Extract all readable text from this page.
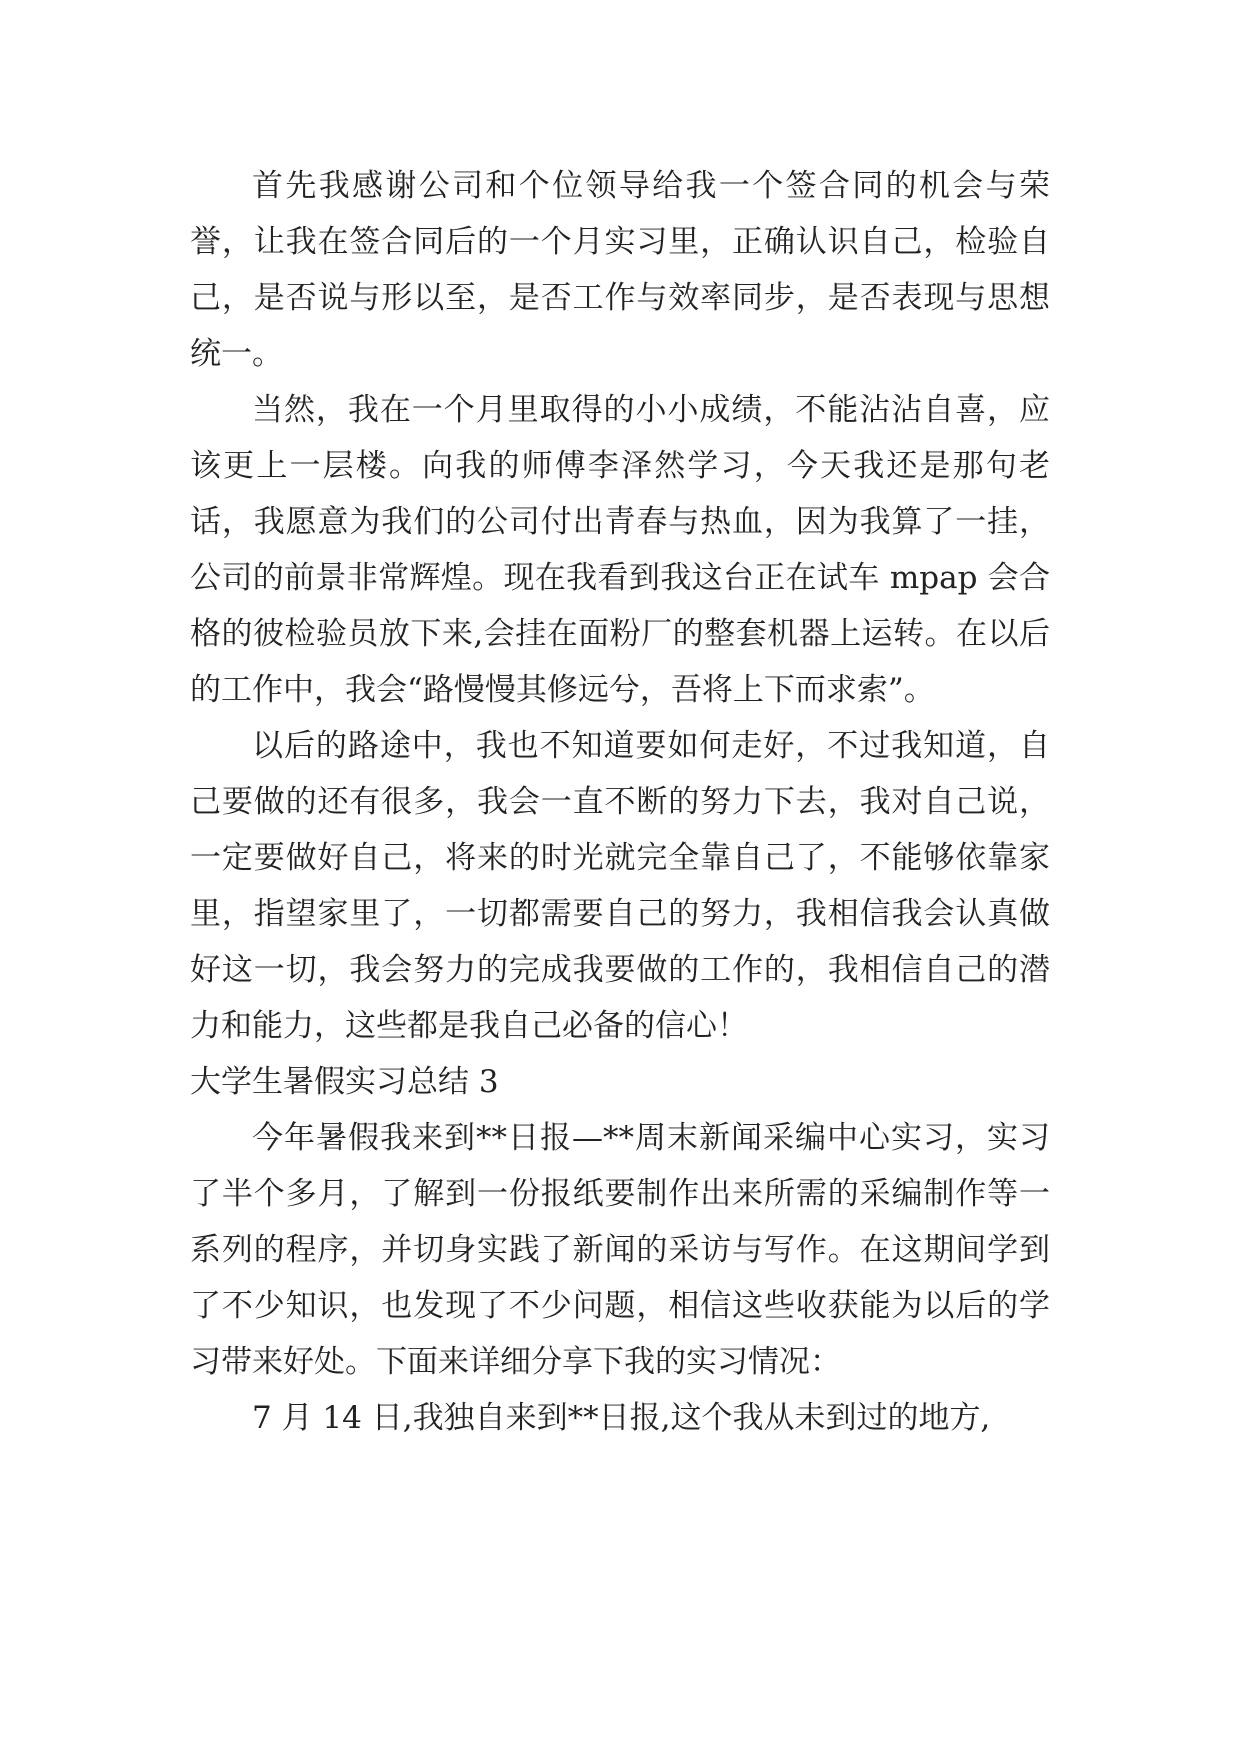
首先我感谢公司和个位领导给我一个签合同的机会与荣誉，让我在签合同后的一个月实习里，正确认识自己，检验自己，是否说与形以至，是否工作与效率同步，是否表现与思想统一。

当然，我在一个月里取得的小小成绩，不能沾沾自喜，应该更上一层楼。向我的师傅李泽然学习，今天我还是那句老话，我愿意为我们的公司付出青春与热血，因为我算了一挂，公司的前景非常辉煌。现在我看到我这台正在试车 mpap 会合格的彼检验员放下来,会挂在面粉厂的整套机器上运转。在以后的工作中，我会“路慢慢其修远兮，吾将上下而求索”。

以后的路途中，我也不知道要如何走好，不过我知道，自己要做的还有很多，我会一直不断的努力下去，我对自己说，一定要做好自己，将来的时光就完全靠自己了，不能够依靠家里，指望家里了，一切都需要自己的努力，我相信我会认真做好这一切，我会努力的完成我要做的工作的，我相信自己的潜力和能力，这些都是我自己必备的信心！

大学生暑假实习总结 3

今年暑假我来到**日报—**周末新闻采编中心实习，实习了半个多月，了解到一份报纸要制作出来所需的采编制作等一系列的程序，并切身实践了新闻的采访与写作。在这期间学到了不少知识，也发现了不少问题，相信这些收获能为以后的学习带来好处。下面来详细分享下我的实习情况：

7 月 14 日,我独自来到**日报,这个我从未到过的地方,
